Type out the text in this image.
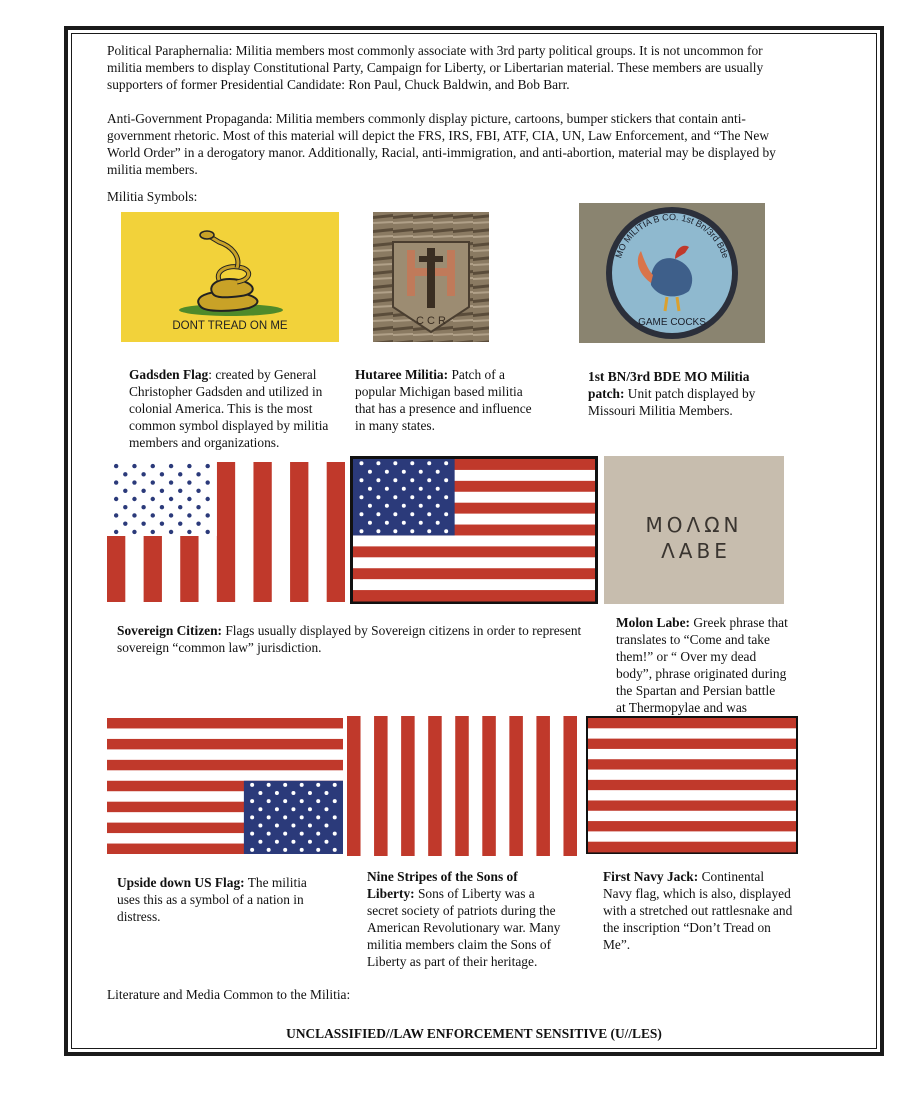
Political Paraphernalia: Militia members most commonly associate with 3rd party political groups. It is not uncommon for militia members to display Constitutional Party, Campaign for Liberty, or Libertarian material. These members are usually supporters of former Presidential Candidate: Ron Paul, Chuck Baldwin, and Bob Barr.

Anti-Government Propaganda: Militia members commonly display picture, cartoons, bumper stickers that contain anti-government rhetoric. Most of this material will depict the FRS, IRS, FBI, ATF, CIA, UN, Law Enforcement, and “The New World Order” in a derogatory manor. Additionally, Racial, anti-immigration, and anti-abortion, material may be displayed by militia members.

Militia Symbols:

DONT TREAD ON ME	C C R
MO MILITIA B CO. 1st Bn/3rd Bde
GAME COCKS

Gadsden Flag: created by General Christopher Gadsden and utilized in colonial America. This is the most common symbol displayed by militia members and organizations.

Hutaree Militia: Patch of a popular Michigan based militia that has a presence and influence in many states.

1st BN/3rd BDE MO Militia patch: Unit patch displayed by Missouri Militia Members.

ΜΟΛΩΝ
ΛΑΒΕ

Sovereign Citizen: Flags usually displayed by Sovereign citizens in order to represent sovereign “common law” jurisdiction.

Molon Labe: Greek phrase that translates to “Come and take them!” or “ Over my dead body”, phrase originated during the Spartan and Persian battle at Thermopylae and was

Upside down US Flag: The militia uses this as a symbol of a nation in distress.

Nine Stripes of the Sons of Liberty: Sons of Liberty was a secret society of patriots during the American Revolutionary war. Many militia members claim the Sons of Liberty as part of their heritage.

First Navy Jack: Continental Navy flag, which is also, displayed with a stretched out rattlesnake and the inscription “Don’t Tread on Me”.

Literature and Media Common to the Militia:

UNCLASSIFIED//LAW ENFORCEMENT SENSITIVE (U//LES)
